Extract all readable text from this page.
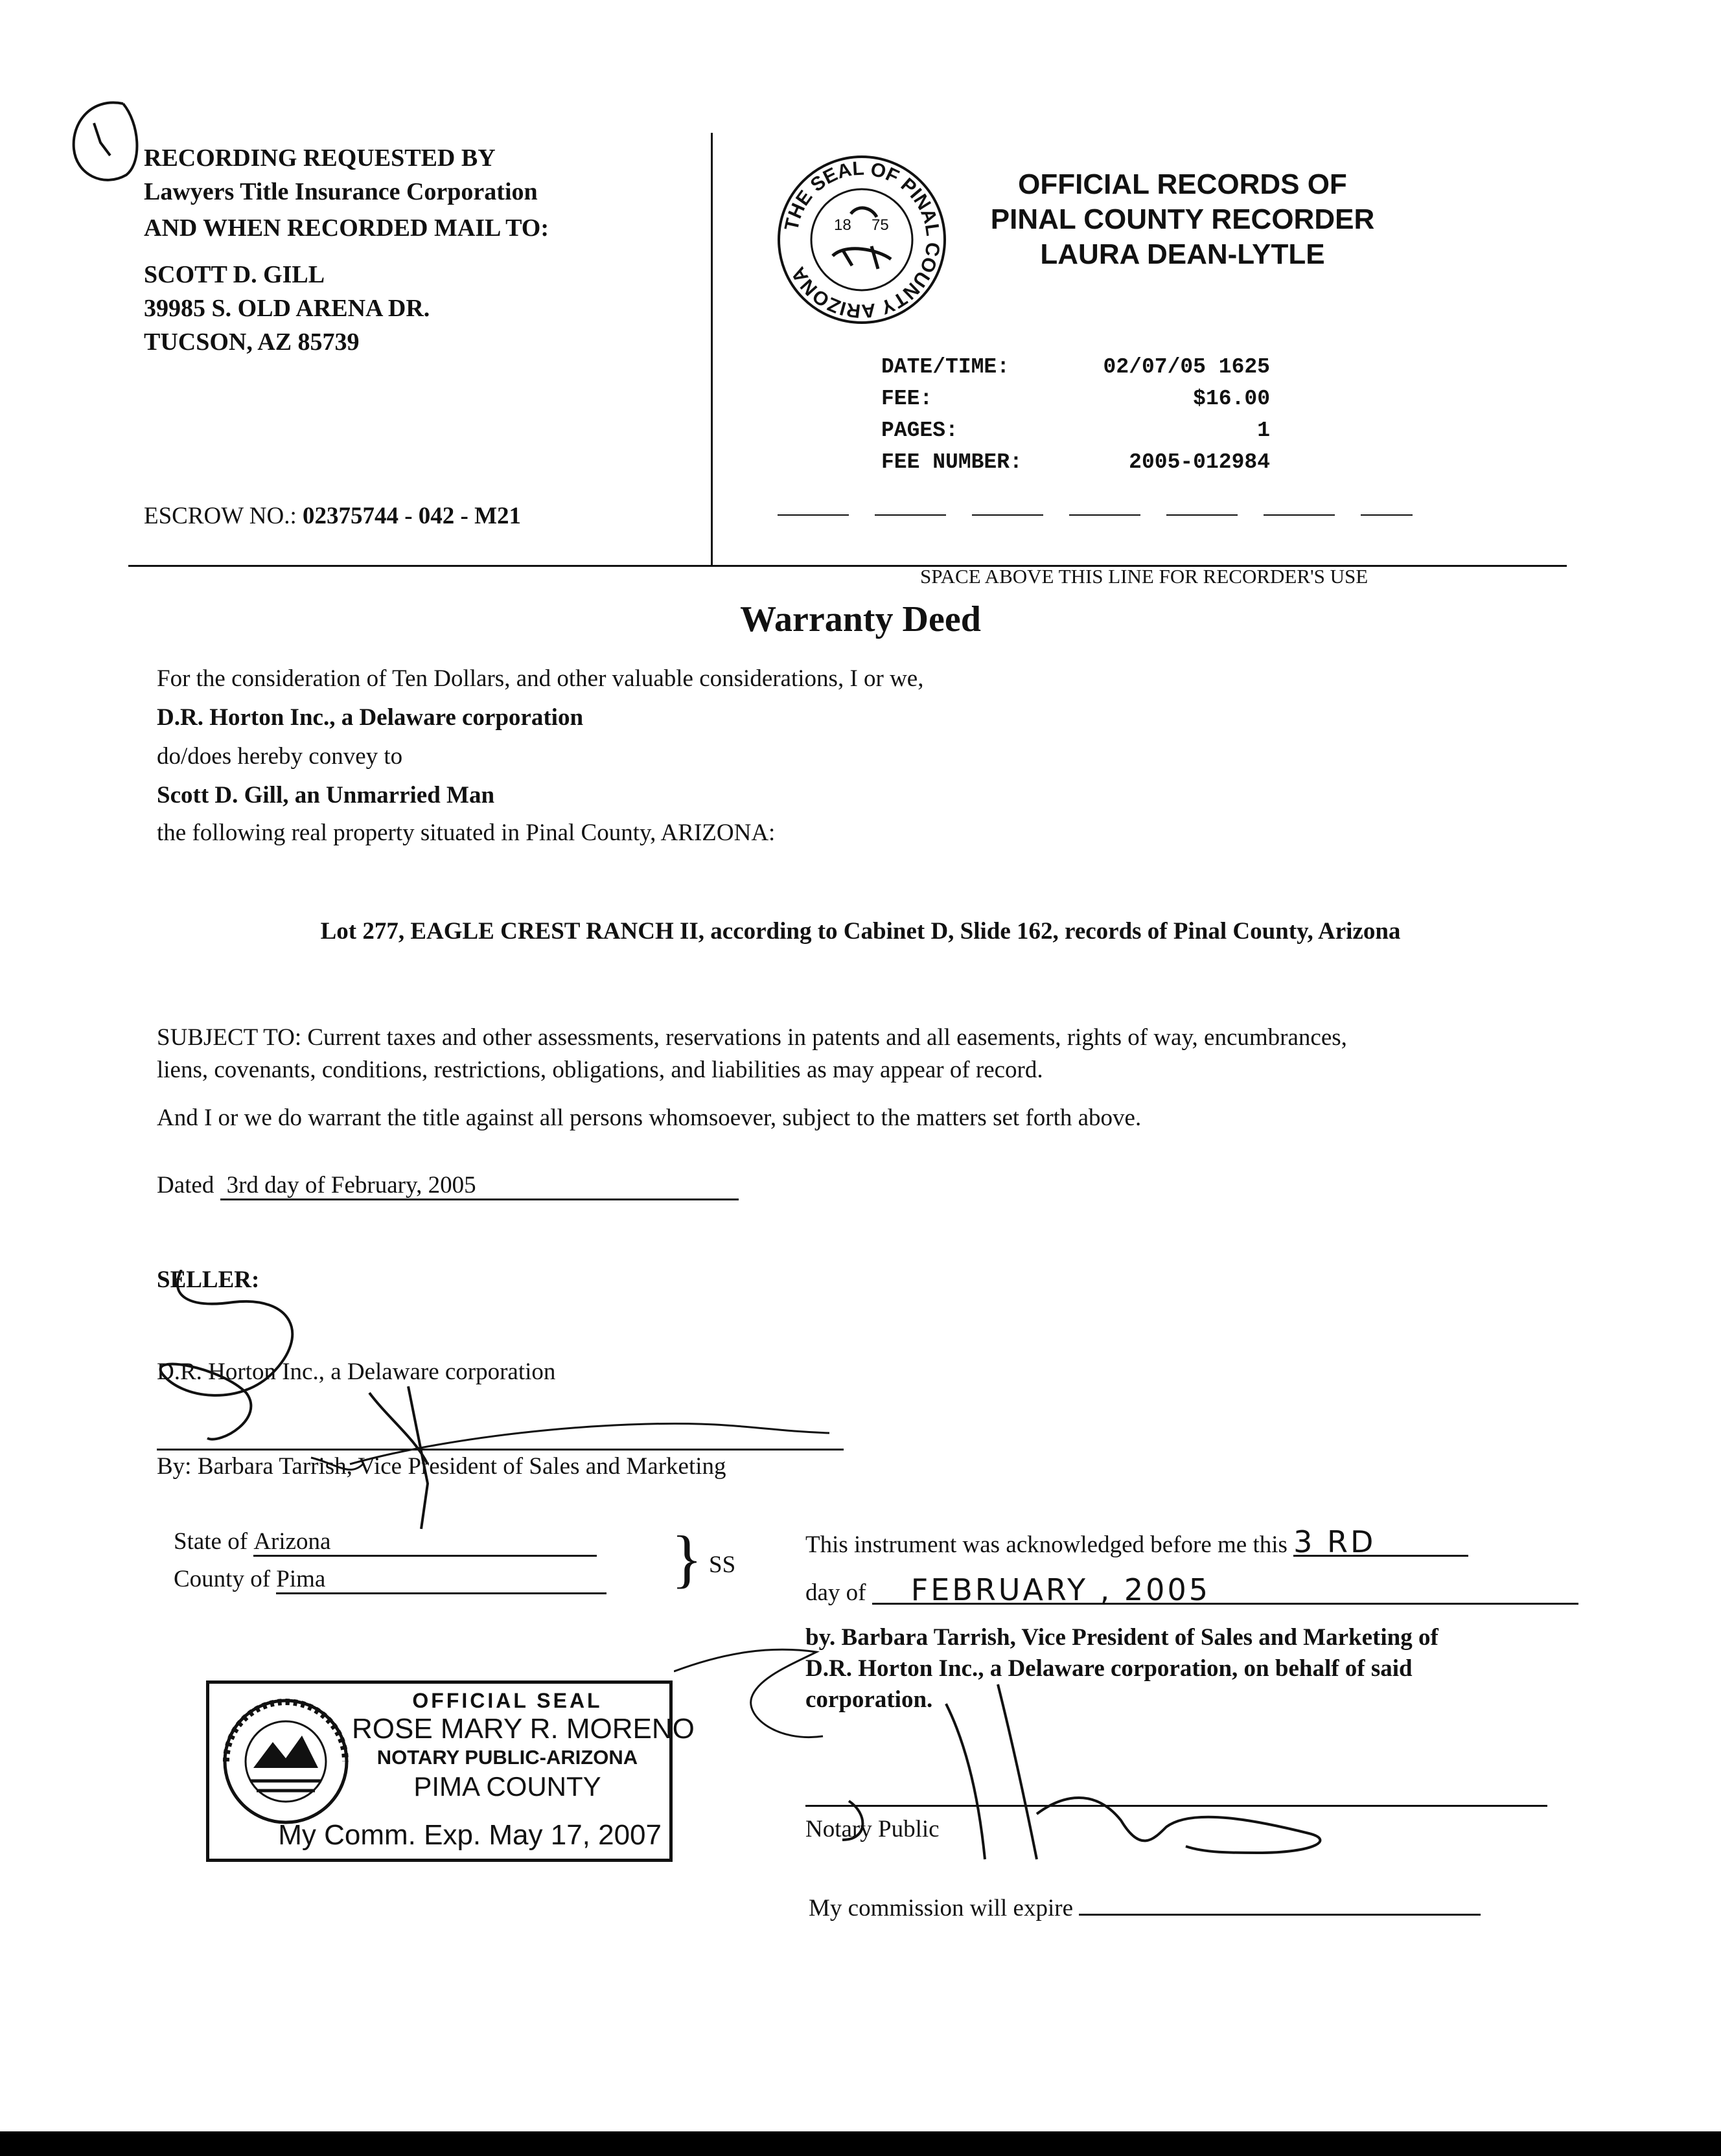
RECORDING REQUESTED BY
Lawyers Title Insurance Corporation
AND WHEN RECORDED MAIL TO:
SCOTT D. GILL
39985 S. OLD ARENA DR.
TUCSON, AZ 85739
ESCROW NO.: 02375744 - 042 - M21
THE SEAL OF PINAL COUNTY ARIZONA
18 75
OFFICIAL RECORDS OF
PINAL COUNTY RECORDER
LAURA DEAN-LYTLE
DATE/TIME:	02/07/05 1625
FEE:	$16.00
PAGES:	1
FEE NUMBER:	2005-012984
SPACE ABOVE THIS LINE FOR RECORDER'S USE
Warranty Deed
For the consideration of Ten Dollars, and other valuable considerations, I or we,
D.R. Horton Inc., a Delaware corporation
do/does hereby convey to
Scott D. Gill, an Unmarried Man
the following real property situated in Pinal County, ARIZONA:
Lot 277, EAGLE CREST RANCH II, according to Cabinet D, Slide 162, records of Pinal County, Arizona
SUBJECT TO: Current taxes and other assessments, reservations in patents and all easements, rights of way, encumbrances,
liens, covenants, conditions, restrictions, obligations, and liabilities as may appear of record.
And I or we do warrant the title against all persons whomsoever, subject to the matters set forth above.
Dated 3rd day of February, 2005
SELLER:
D.R. Horton Inc., a Delaware corporation
By: Barbara Tarrish, Vice President of Sales and Marketing
State of Arizona
County of Pima	} SS
This instrument was acknowledged before me this 3 RD
day of FEBRUARY , 2005
by. Barbara Tarrish, Vice President of Sales and Marketing of
D.R. Horton Inc., a Delaware corporation, on behalf of said
corporation.
Notary Public
My commission will expire
OFFICIAL SEAL
ROSE MARY R. MORENO
NOTARY PUBLIC-ARIZONA
PIMA COUNTY
My Comm. Exp. May 17, 2007
